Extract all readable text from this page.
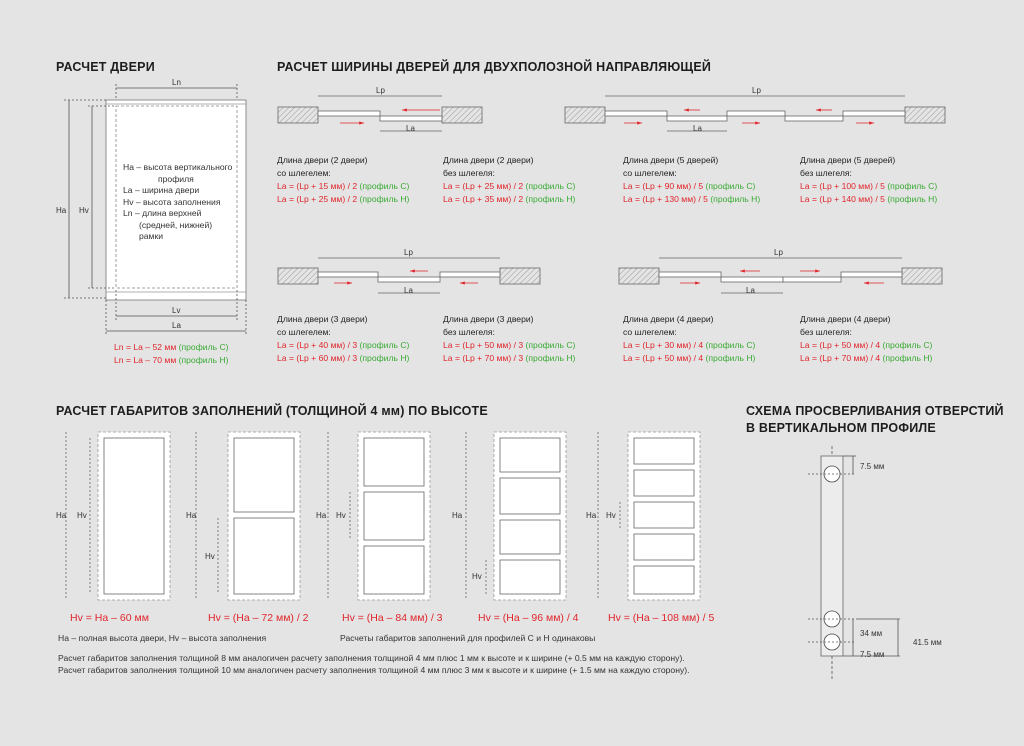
РАСЧЕТ ДВЕРИ	РАСЧЕТ ШИРИНЫ ДВЕРЕЙ ДЛЯ ДВУХПОЛОЗНОЙ НАПРАВЛЯЮЩЕЙ
РАСЧЕТ ГАБАРИТОВ ЗАПОЛНЕНИЙ (ТОЛЩИНОЙ 4 мм) ПО ВЫСОТЕ	СХЕМА ПРОСВЕРЛИВАНИЯ ОТВЕРСТИЙ
В ВЕРТИКАЛЬНОМ ПРОФИЛЕ
Ln
Ha Hv
Lv
La
Ha – высота вертикального
профиля
La – ширина двери
Hv – высота заполнения
Ln – длина верхней
(средней, нижней)
рамки
Ln = La – 52 мм (профиль С)
Ln = La – 70 мм (профиль Н)
Lp
La
Lp
La
Lp
La
Lp
La
Длина двери (2 двери)
со шлегелем:
La = (Lp + 15 мм) / 2 (профиль С)
La = (Lp + 25 мм) / 2 (профиль Н)
Длина двери (2 двери)
без шлегеля:
La = (Lp + 25 мм) / 2 (профиль С)
La = (Lp + 35 мм) / 2 (профиль Н)
Длина двери (5 дверей)
со шлегелем:
La = (Lp + 90 мм) / 5 (профиль С)
La = (Lp + 130 мм) / 5 (профиль Н)
Длина двери (5 дверей)
без шлегеля:
La = (Lp + 100 мм) / 5 (профиль С)
La = (Lp + 140 мм) / 5 (профиль Н)
Длина двери (3 двери)
со шлегелем:
La = (Lp + 40 мм) / 3 (профиль С)
La = (Lp + 60 мм) / 3 (профиль Н)
Длина двери (3 двери)
без шлегеля:
La = (Lp + 50 мм) / 3 (профиль С)
La = (Lp + 70 мм) / 3 (профиль Н)
Длина двери (4 двери)
со шлегелем:
La = (Lp + 30 мм) / 4 (профиль С)
La = (Lp + 50 мм) / 4 (профиль Н)
Длина двери (4 двери)
без шлегеля:
La = (Lp + 50 мм) / 4 (профиль С)
La = (Lp + 70 мм) / 4 (профиль Н)
Ha Hv	Ha
Hv
Ha Hv	Ha
Hv
Ha Hv
Hv = Ha – 60 мм	Hv = (Ha – 72 мм) / 2	Hv = (Ha – 84 мм) / 3	Hv = (Ha – 96 мм) / 4	Hv = (Ha – 108 мм) / 5
Ha – полная высота двери, Hv – высота заполнения	Расчеты габаритов заполнений для профилей С и Н одинаковы
Расчет габаритов заполнения толщиной 8 мм аналогичен расчету заполнения толщиной 4 мм плюс 1 мм к высоте и к ширине (+ 0.5 мм на каждую сторону).
Расчет габаритов заполнения толщиной 10 мм аналогичен расчету заполнения толщиной 4 мм плюс 3 мм к высоте и к ширине (+ 1.5 мм на каждую сторону).
7.5 мм
34 мм
7.5 мм
41.5 мм
